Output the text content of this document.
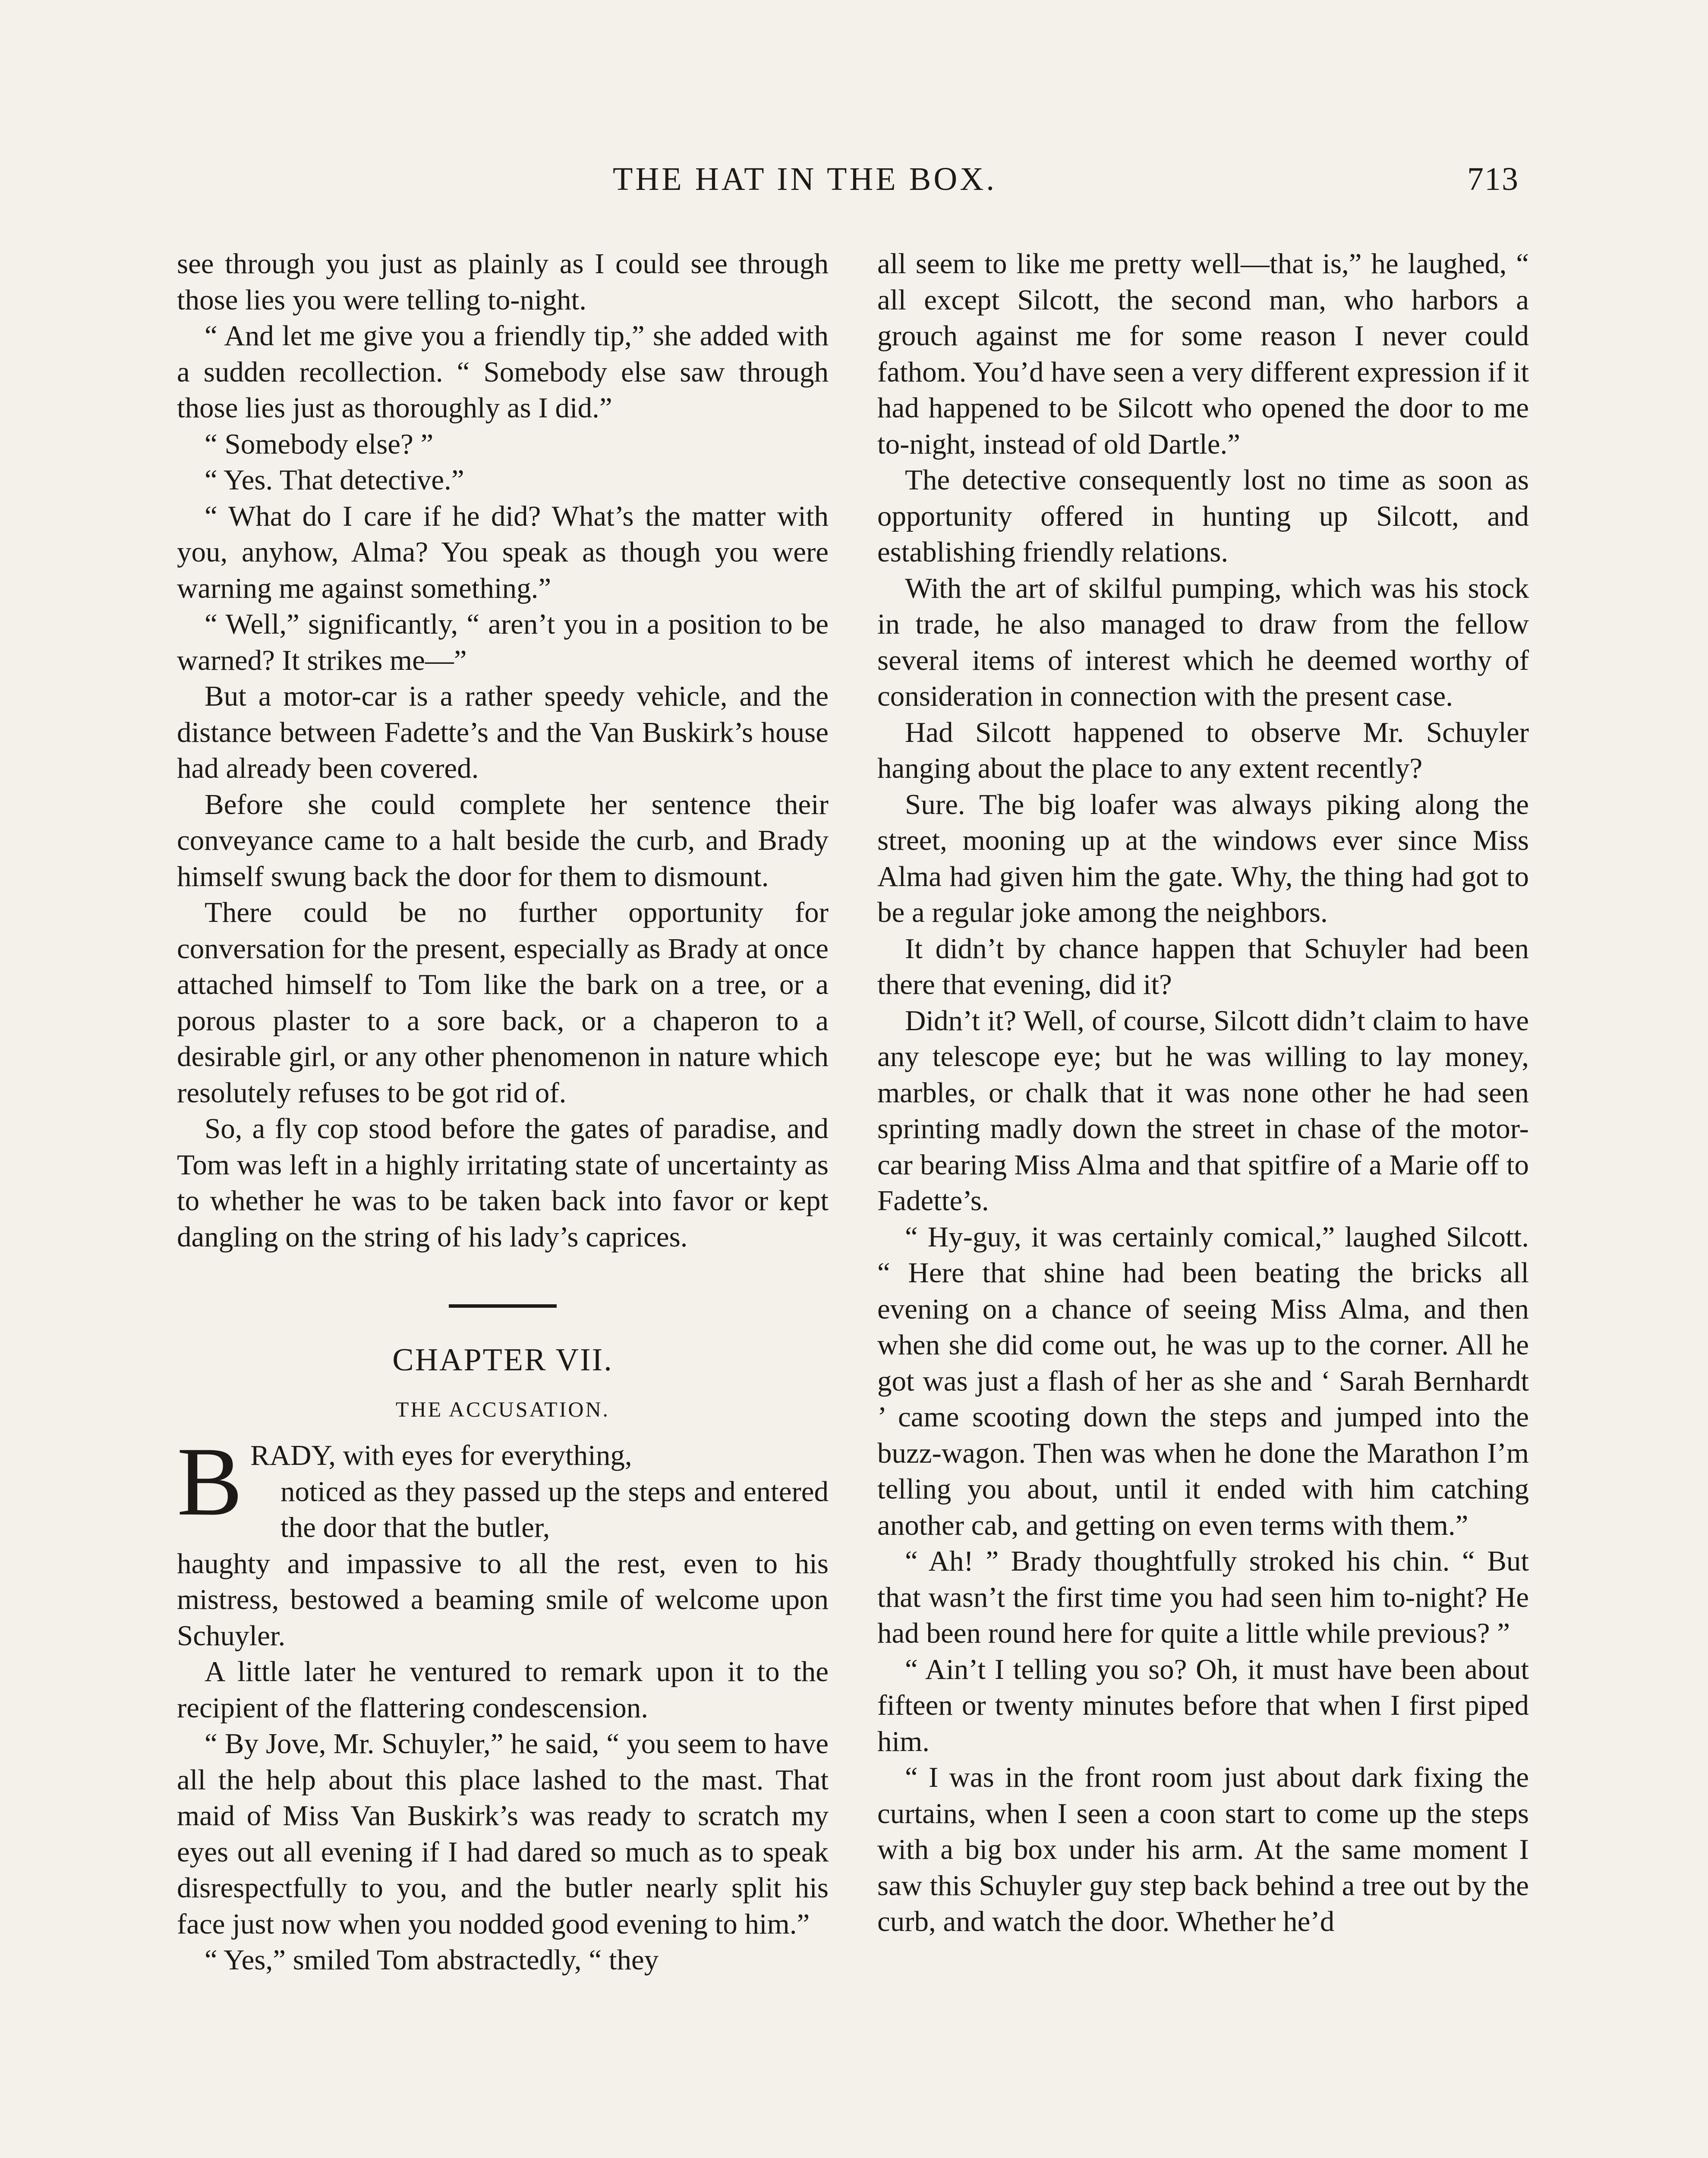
THE HAT IN THE BOX.	713

see through you just as plainly as I could see through those lies you were telling to-night.

“ And let me give you a friendly tip,” she added with a sudden recollection. “ Somebody else saw through those lies just as thoroughly as I did.”

“ Somebody else? ”

“ Yes. That detective.”

“ What do I care if he did? What’s the matter with you, anyhow, Alma? You speak as though you were warning me against something.”

“ Well,” significantly, “ aren’t you in a position to be warned? It strikes me—”

But a motor-car is a rather speedy vehicle, and the distance between Fadette’s and the Van Buskirk’s house had already been covered.

Before she could complete her sentence their conveyance came to a halt beside the curb, and Brady himself swung back the door for them to dismount.

There could be no further opportunity for conversation for the present, especially as Brady at once attached himself to Tom like the bark on a tree, or a porous plaster to a sore back, or a chaperon to a desirable girl, or any other phenomenon in nature which resolutely refuses to be got rid of.

So, a fly cop stood before the gates of paradise, and Tom was left in a highly irritating state of uncertainty as to whether he was to be taken back into favor or kept dangling on the string of his lady’s caprices.

CHAPTER VII.
THE ACCUSATION.

B RADY, with eyes for everything,
noticed as they passed up the steps and entered the door that the butler,
haughty and impassive to all the rest, even to his mistress, bestowed a beaming smile of welcome upon Schuyler.

A little later he ventured to remark upon it to the recipient of the flattering condescension.

“ By Jove, Mr. Schuyler,” he said, “ you seem to have all the help about this place lashed to the mast. That maid of Miss Van Buskirk’s was ready to scratch my eyes out all evening if I had dared so much as to speak disrespectfully to you, and the butler nearly split his face just now when you nodded good evening to him.”

“ Yes,” smiled Tom abstractedly, “ they

all seem to like me pretty well—that is,” he laughed, “ all except Silcott, the second man, who harbors a grouch against me for some reason I never could fathom. You’d have seen a very different expression if it had happened to be Silcott who opened the door to me to-night, instead of old Dartle.”

The detective consequently lost no time as soon as opportunity offered in hunting up Silcott, and establishing friendly relations.

With the art of skilful pumping, which was his stock in trade, he also managed to draw from the fellow several items of interest which he deemed worthy of consideration in connection with the present case.

Had Silcott happened to observe Mr. Schuyler hanging about the place to any extent recently?

Sure. The big loafer was always piking along the street, mooning up at the windows ever since Miss Alma had given him the gate. Why, the thing had got to be a regular joke among the neighbors.

It didn’t by chance happen that Schuyler had been there that evening, did it?

Didn’t it? Well, of course, Silcott didn’t claim to have any telescope eye; but he was willing to lay money, marbles, or chalk that it was none other he had seen sprinting madly down the street in chase of the motor-car bearing Miss Alma and that spitfire of a Marie off to Fadette’s.

“ Hy-guy, it was certainly comical,” laughed Silcott. “ Here that shine had been beating the bricks all evening on a chance of seeing Miss Alma, and then when she did come out, he was up to the corner. All he got was just a flash of her as she and ‘ Sarah Bernhardt ’ came scooting down the steps and jumped into the buzz-wagon. Then was when he done the Marathon I’m telling you about, until it ended with him catching another cab, and getting on even terms with them.”

“ Ah! ” Brady thoughtfully stroked his chin. “ But that wasn’t the first time you had seen him to-night? He had been round here for quite a little while previous? ”

“ Ain’t I telling you so? Oh, it must have been about fifteen or twenty minutes before that when I first piped him.

“ I was in the front room just about dark fixing the curtains, when I seen a coon start to come up the steps with a big box under his arm. At the same moment I saw this Schuyler guy step back behind a tree out by the curb, and watch the door. Whether he’d
